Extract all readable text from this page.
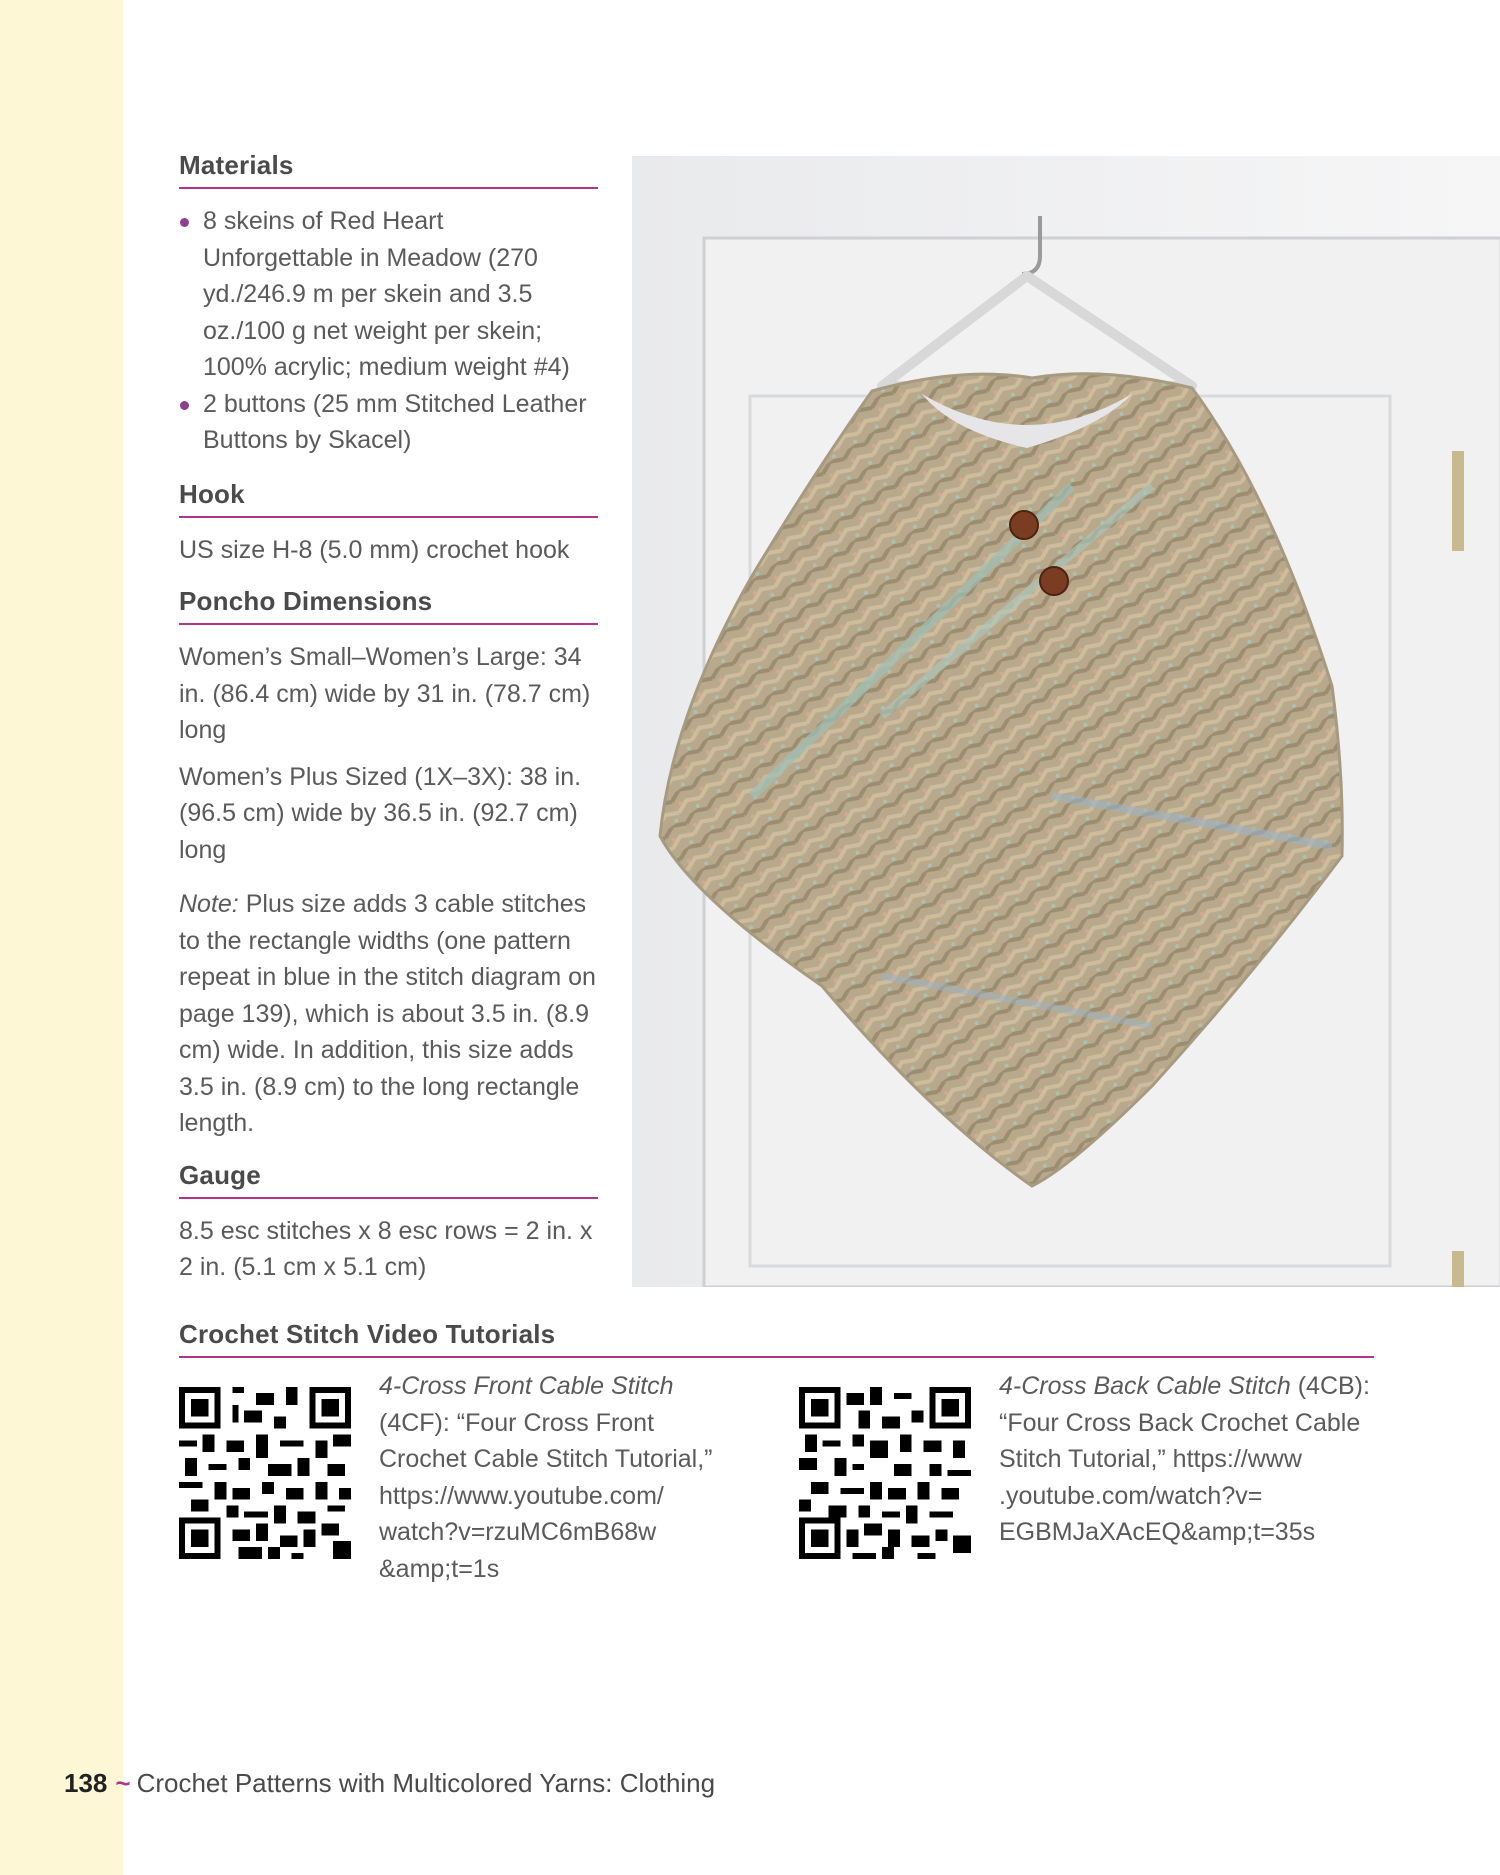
Materials
8 skeins of Red Heart Unforgettable in Meadow (270 yd./246.9 m per skein and 3.5 oz./100 g net weight per skein; 100% acrylic; medium weight #4)
2 buttons (25 mm Stitched Leather Buttons by Skacel)
Hook
US size H-8 (5.0 mm) crochet hook
Poncho Dimensions
Women’s Small–Women’s Large: 34 in. (86.4 cm) wide by 31 in. (78.7 cm) long
Women’s Plus Sized (1X–3X): 38 in. (96.5 cm) wide by 36.5 in. (92.7 cm) long
Note: Plus size adds 3 cable stitches to the rectangle widths (one pattern repeat in blue in the stitch diagram on page 139), which is about 3.5 in. (8.9 cm) wide. In addition, this size adds 3.5 in. (8.9 cm) to the long rectangle length.
Gauge
8.5 esc stitches x 8 esc rows = 2 in. x 2 in. (5.1 cm x 5.1 cm)
Crochet Stitch Video Tutorials
4-Cross Front Cable Stitch (4CF): “Four Cross Front Crochet Cable Stitch Tutorial,” https://www.youtube.com/ watch?v=rzuMC6mB68w &amp;t=1s
4-Cross Back Cable Stitch (4CB): “Four Cross Back Crochet Cable Stitch Tutorial,” https://www .youtube.com/watch?v= EGBMJaXAcEQ&amp;t=35s
138 ~ Crochet Patterns with Multicolored Yarns: Clothing
